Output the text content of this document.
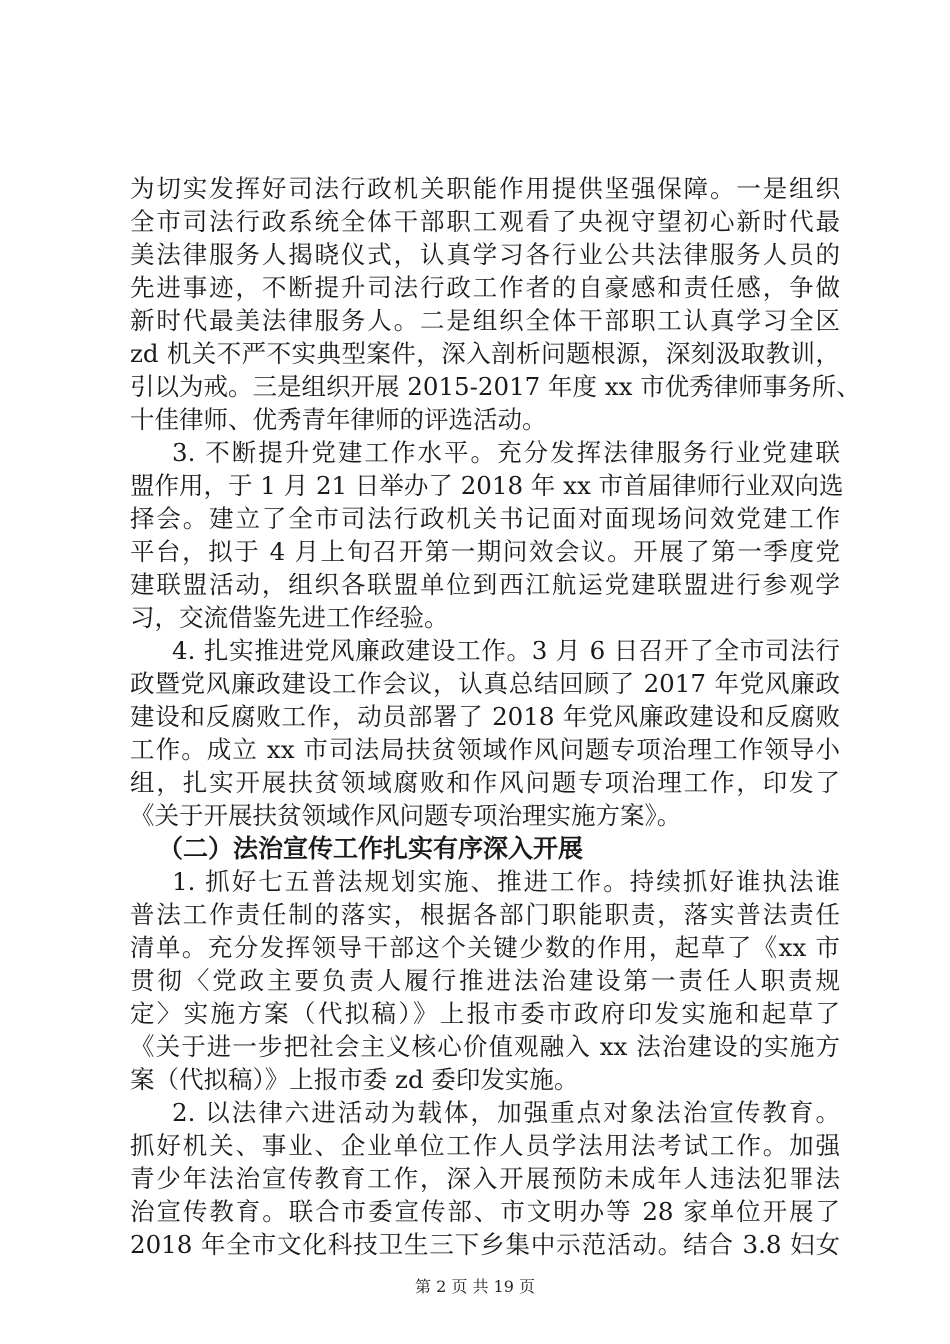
为切实发挥好司法行政机关职能作用提供坚强保障。一是组织
全市司法行政系统全体干部职工观看了央视守望初心新时代最
美法律服务人揭晓仪式，认真学习各行业公共法律服务人员的
先进事迹，不断提升司法行政工作者的自豪感和责任感，争做
新时代最美法律服务人。二是组织全体干部职工认真学习全区
zd 机关不严不实典型案件，深入剖析问题根源，深刻汲取教训，
引以为戒。三是组织开展 2015-2017 年度 xx 市优秀律师事务所、
十佳律师、优秀青年律师的评选活动。
3. 不断提升党建工作水平。充分发挥法律服务行业党建联
盟作用，于 1 月 21 日举办了 2018 年 xx 市首届律师行业双向选
择会。建立了全市司法行政机关书记面对面现场问效党建工作
平台，拟于 4 月上旬召开第一期问效会议。开展了第一季度党
建联盟活动，组织各联盟单位到西江航运党建联盟进行参观学
习，交流借鉴先进工作经验。
4. 扎实推进党风廉政建设工作。3 月 6 日召开了全市司法行
政暨党风廉政建设工作会议，认真总结回顾了 2017 年党风廉政
建设和反腐败工作，动员部署了 2018 年党风廉政建设和反腐败
工作。成立 xx 市司法局扶贫领域作风问题专项治理工作领导小
组，扎实开展扶贫领域腐败和作风问题专项治理工作，印发了
《关于开展扶贫领域作风问题专项治理实施方案》。
（二）法治宣传工作扎实有序深入开展
1. 抓好七五普法规划实施、推进工作。持续抓好谁执法谁
普法工作责任制的落实，根据各部门职能职责，落实普法责任
清单。充分发挥领导干部这个关键少数的作用，起草了《xx 市
贯彻〈党政主要负责人履行推进法治建设第一责任人职责规
定〉实施方案（代拟稿）》上报市委市政府印发实施和起草了
《关于进一步把社会主义核心价值观融入 xx 法治建设的实施方
案（代拟稿）》上报市委 zd 委印发实施。
2. 以法律六进活动为载体，加强重点对象法治宣传教育。
抓好机关、事业、企业单位工作人员学法用法考试工作。加强
青少年法治宣传教育工作，深入开展预防未成年人违法犯罪法
治宣传教育。联合市委宣传部、市文明办等 28 家单位开展了
2018 年全市文化科技卫生三下乡集中示范活动。结合 3.8 妇女
第 2 页 共 19 页
